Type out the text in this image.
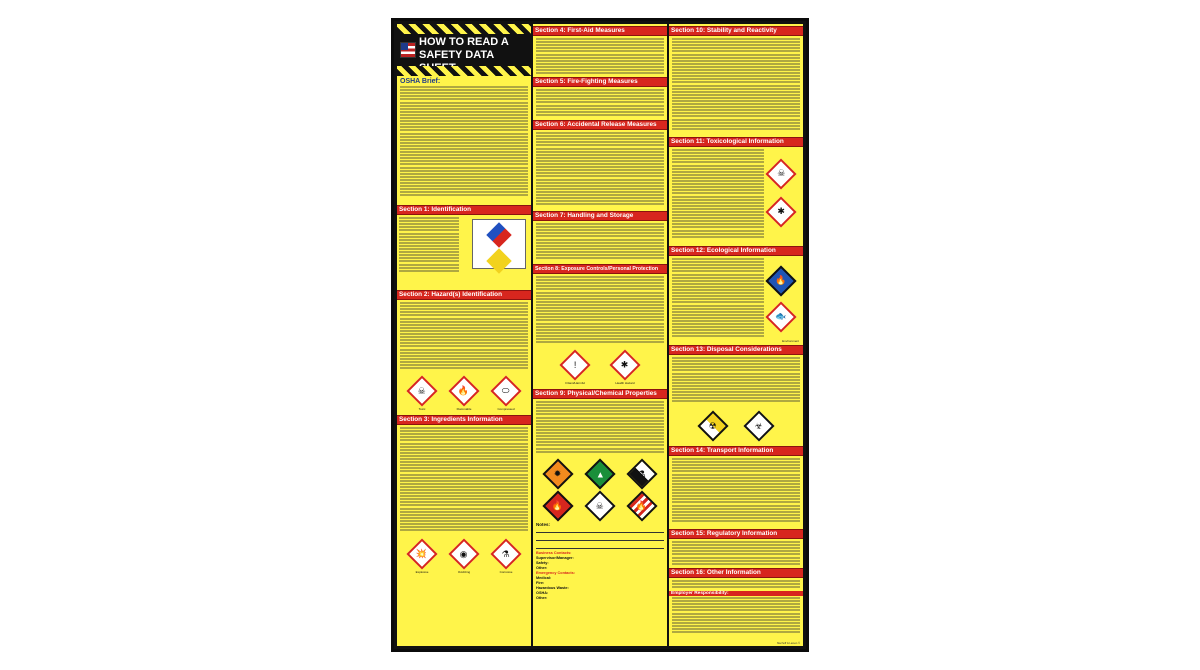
HOW TO READ A SAFETY DATA
OSHA Brief:
Section 1: Identification
Section 2: Hazard(s) Identification
☠
Toxic
🔥
Flammable
⬭
Compressed
Section 3: Ingredients Information
💥
Explosive
◉
Oxidizing
⚗
Corrosive
Section 4: First-Aid Measures
Section 5: Fire-Fighting Measures
Section 6: Accidental Release Measures
Section 7: Handling and Storage
Section 8: Exposure Controls/Personal Protection
!
Irritant/Harmful
✱
Health Hazard
Section 9: Physical/Chemical Properties
✹	▲	⚗
🔥	☠	🔥
Notes:
Business Contacts:
Supervisor/Manager:
Safety:
Other:
Emergency Contacts:
Medical:
Fire:
Hazardous Waste:
OSHA:
Other:
Section 10: Stability and Reactivity
Section 11: Toxicological Information
☠
✱
Section 12: Ecological Information
🔥
🐟
Environment
Section 13: Disposal Considerations
☢	☣
Section 14: Transport Information
Section 15: Regulatory Information
Section 16: Other Information
Employer Responsibility:
Mechoff & Larsen ©
